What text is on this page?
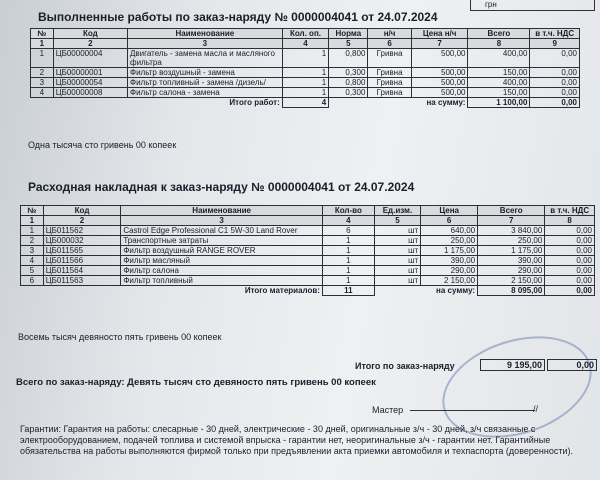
грн
Выполненные работы по заказ-наряду № 0000004041 от 24.07.2024
№	Код	Наименование	Кол. оп.	Норма	н/ч	Цена н/ч	Всего	в т.ч. НДС
1	2	3	4	5	6	7	8	9
1	ЦБ00000004	Двигатель - замена масла и масляного фильтра	1	0,800	Гривна	500,00	400,00	0,00
2	ЦБ00000001	Фильтр воздушный - замена	1	0,300	Гривна	500,00	150,00	0,00
3	ЦБ00000054	Фильтр топливный - замена /дизель/	1	0,800	Гривна	500,00	400,00	0,00
4	ЦБ00000008	Фильтр салона - замена	1	0,300	Гривна	500,00	150,00	0,00
Итого работ:			4	на сумму:			1 100,00	0,00
Одна тысяча сто гривень 00 копеек
Расходная накладная к заказ-наряду № 0000004041 от 24.07.2024
№	Код	Наименование	Кол-во	Ед.изм.	Цена	Всего	в т.ч. НДС
1	2	3	4	5	6	7	8
1	ЦБ011562	Castrol Edge Professional C1 5W-30 Land Rover	6	шт	640,00	3 840,00	0,00
2	ЦБ000032	Транспортные затраты	1	шт	250,00	250,00	0,00
3	ЦБ011565	Фильтр воздушный RANGE ROVER	1	шт	1 175,00	1 175,00	0,00
4	ЦБ011566	Фильтр масляный	1	шт	390,00	390,00	0,00
5	ЦБ011564	Фильтр салона	1	шт	290,00	290,00	0,00
6	ЦБ011563	Фильтр топливный	1	шт	2 150,00	2 150,00	0,00
Итого материалов:			11	на сумму:		8 095,00	0,00
Восемь тысяч девяносто пять гривень 00 копеек
Итого по заказ-наряду	9 195,00	0,00
Всего по заказ-наряду: Девять тысяч сто девяносто пять гривень 00 копеек
Мастер	//
Гарантии: Гарантия на работы: слесарные - 30 дней, электрические - 30 дней, оригинальные з/ч - 30 дней, з/ч связанные с электрооборудованием, подачей топлива и системой впрыска - гарантии нет, неоригинальные з/ч - гарантии нет. Гарантийные обязательства на работы выполняются фирмой только при предъявлении акта приемки автомобиля и техпаспорта (доверенности).
